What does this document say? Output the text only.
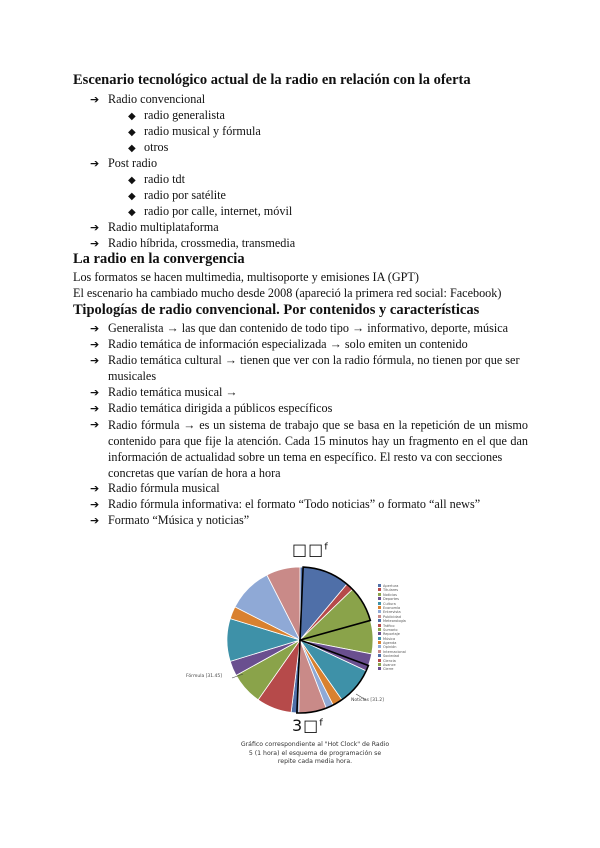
Escenario tecnológico actual de la radio en relación con la oferta
➔ Radio convencional
◆ radio generalista
◆ radio musical y fórmula
◆ otros
➔ Post radio
◆ radio tdt
◆ radio por satélite
◆ radio por calle, internet, móvil
➔ Radio multiplataforma
➔ Radio híbrida, crossmedia, transmedia
La radio en la convergencia
Los formatos se hacen multimedia, multisoporte y emisiones IA (GPT)
El escenario ha cambiado mucho desde 2008 (apareció la primera red social: Facebook)
Tipologías de radio convencional. Por contenidos y características
➔ Generalista → las que dan contenido de todo tipo → informativo, deporte, música
➔ Radio temática de información especializada → solo emiten un contenido
➔ Radio temática cultural → tienen que ver con la radio fórmula, no tienen por que ser
musicales
➔ Radio temática musical →
➔ Radio temática dirigida a públicos específicos
➔ Radio fórmula → es un sistema de trabajo que se basa en la repetición de un mismo contenido para que fije la atención. Cada 15 minutos hay un fragmento en el que dan información de actualidad sobre un tema en específico. El resto va con secciones
concretas que varían de hora a hora
➔ Radio fórmula musical
➔ Radio fórmula informativa: el formato “Todo noticias” o formato “all news”
➔ Formato “Música y noticias”
□□ᶠ
Fórmula [31.45]
Noticias [31.2]
Apertura
Titulares
Noticias
Deportes
Cultura
Economía
Entrevista
Publicidad
Meteorología
Tráfico
Sumario
Reportaje
Música
Agenda
Opinión
Internacional
Sociedad
Ciencia
Avance
Cierre
3□ᶠ
Gráfico correspondiente al "Hot Clock" de Radio 5 (1 hora) el esquema de programación se repite cada media hora.
